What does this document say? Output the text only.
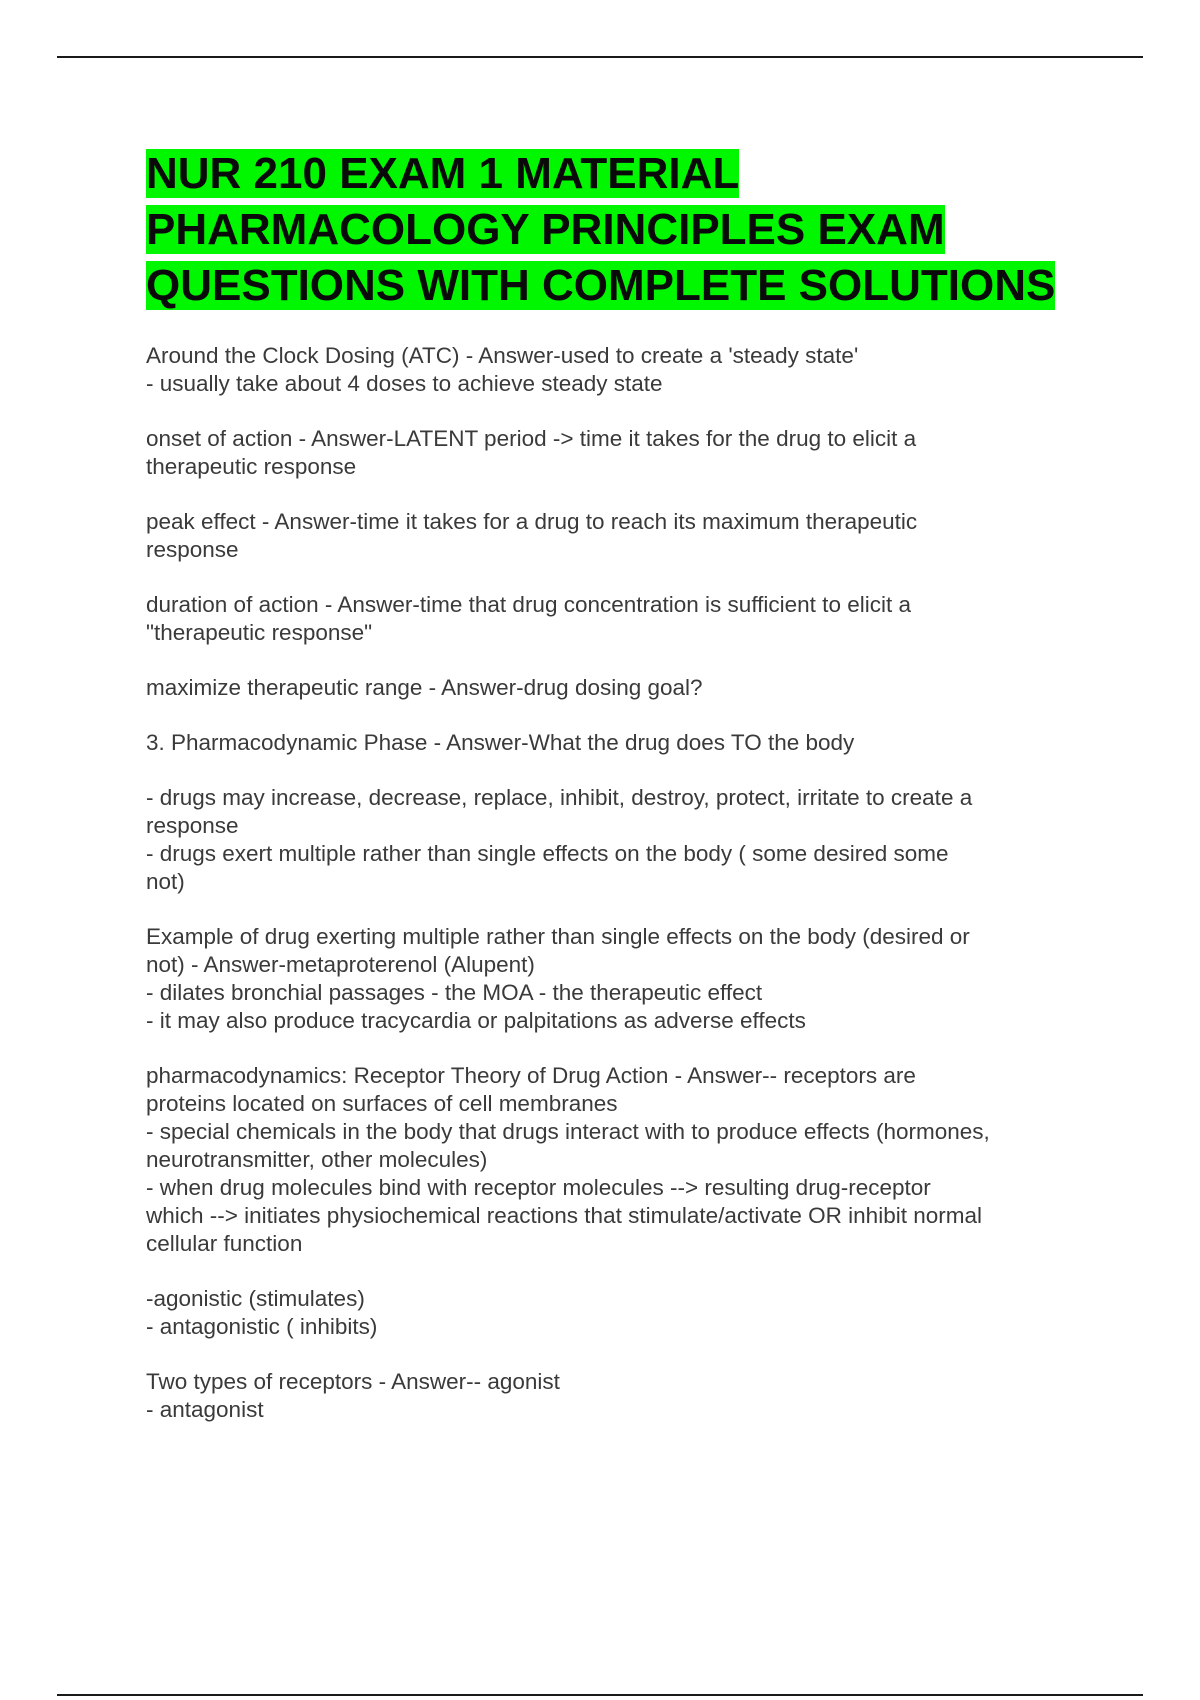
NUR 210 EXAM 1 MATERIAL PHARMACOLOGY PRINCIPLES EXAM QUESTIONS WITH COMPLETE SOLUTIONS
Around the Clock Dosing (ATC) - Answer-used to create a 'steady state'
- usually take about 4 doses to achieve steady state
onset of action - Answer-LATENT period -> time it takes for the drug to elicit a
therapeutic response
peak effect - Answer-time it takes for a drug to reach its maximum therapeutic
response
duration of action - Answer-time that drug concentration is sufficient to elicit a
"therapeutic response"
maximize therapeutic range - Answer-drug dosing goal?
3. Pharmacodynamic Phase - Answer-What the drug does TO the body
- drugs may increase, decrease, replace, inhibit, destroy, protect, irritate to create a
response
- drugs exert multiple rather than single effects on the body ( some desired some
not)
Example of drug exerting multiple rather than single effects on the body (desired or
not) - Answer-metaproterenol (Alupent)
- dilates bronchial passages - the MOA - the therapeutic effect
- it may also produce tracycardia or palpitations as adverse effects
pharmacodynamics: Receptor Theory of Drug Action - Answer-- receptors are
proteins located on surfaces of cell membranes
- special chemicals in the body that drugs interact with to produce effects (hormones,
neurotransmitter, other molecules)
- when drug molecules bind with receptor molecules --> resulting drug-receptor
which --> initiates physiochemical reactions that stimulate/activate OR inhibit normal
cellular function
-agonistic (stimulates)
- antagonistic ( inhibits)
Two types of receptors - Answer-- agonist
- antagonist
